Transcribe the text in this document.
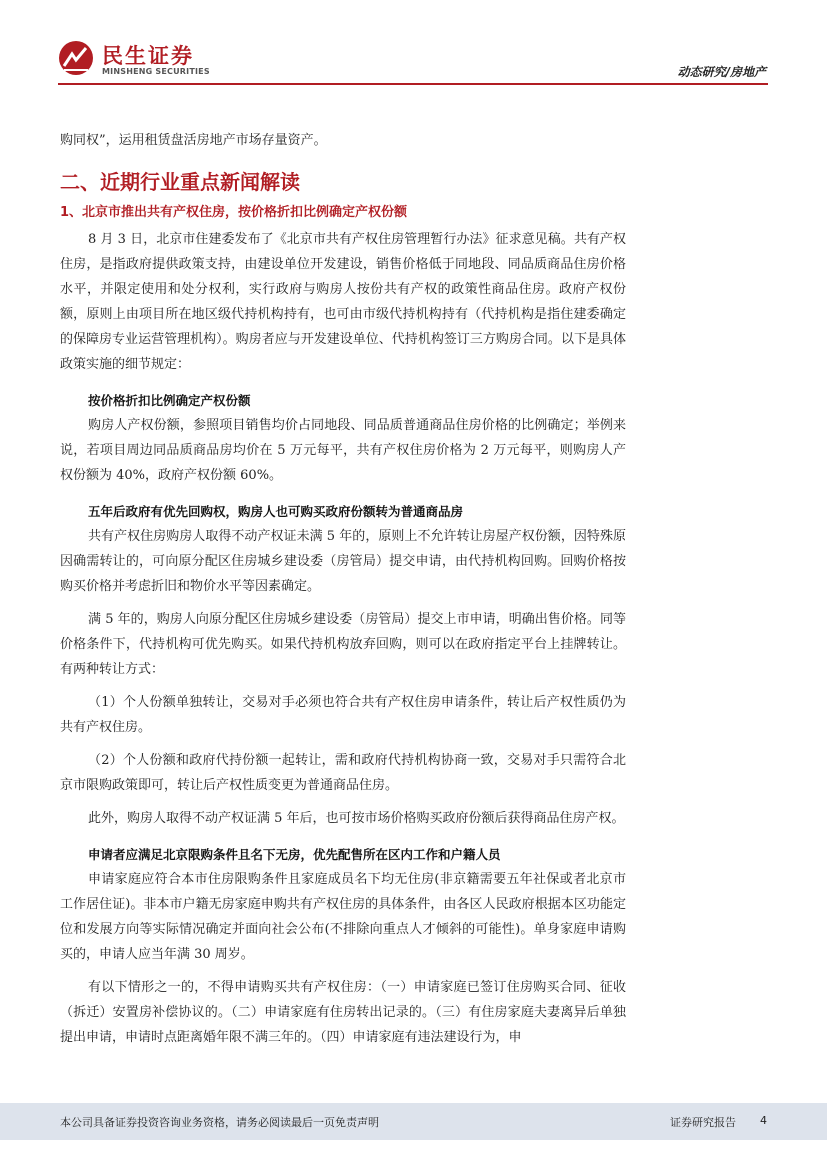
民生证券
MINSHENG SECURITIES	动态研究/房地产

购同权”，运用租赁盘活房地产市场存量资产。

二、近期行业重点新闻解读
1、北京市推出共有产权住房，按价格折扣比例确定产权份额

8 月 3 日，北京市住建委发布了《北京市共有产权住房管理暂行办法》征求意见稿。共有产权住房，是指政府提供政策支持，由建设单位开发建设，销售价格低于同地段、同品质商品住房价格水平，并限定使用和处分权利，实行政府与购房人按份共有产权的政策性商品住房。政府产权份额，原则上由项目所在地区级代持机构持有，也可由市级代持机构持有（代持机构是指住建委确定的保障房专业运营管理机构）。购房者应与开发建设单位、代持机构签订三方购房合同。以下是具体政策实施的细节规定：

按价格折扣比例确定产权份额

购房人产权份额，参照项目销售均价占同地段、同品质普通商品住房价格的比例确定；举例来说，若项目周边同品质商品房均价在 5 万元每平，共有产权住房价格为 2 万元每平，则购房人产权份额为 40%，政府产权份额 60%。

五年后政府有优先回购权，购房人也可购买政府份额转为普通商品房

共有产权住房购房人取得不动产权证未满 5 年的，原则上不允许转让房屋产权份额，因特殊原因确需转让的，可向原分配区住房城乡建设委（房管局）提交申请，由代持机构回购。回购价格按购买价格并考虑折旧和物价水平等因素确定。

满 5 年的，购房人向原分配区住房城乡建设委（房管局）提交上市申请，明确出售价格。同等价格条件下，代持机构可优先购买。如果代持机构放弃回购，则可以在政府指定平台上挂牌转让。有两种转让方式：

（1）个人份额单独转让，交易对手必须也符合共有产权住房申请条件，转让后产权性质仍为共有产权住房。

（2）个人份额和政府代持份额一起转让，需和政府代持机构协商一致，交易对手只需符合北京市限购政策即可，转让后产权性质变更为普通商品住房。

此外，购房人取得不动产权证满 5 年后，也可按市场价格购买政府份额后获得商品住房产权。

申请者应满足北京限购条件且名下无房，优先配售所在区内工作和户籍人员

申请家庭应符合本市住房限购条件且家庭成员名下均无住房(非京籍需要五年社保或者北京市工作居住证)。非本市户籍无房家庭申购共有产权住房的具体条件，由各区人民政府根据本区功能定位和发展方向等实际情况确定并面向社会公布(不排除向重点人才倾斜的可能性)。单身家庭申请购买的，申请人应当年满 30 周岁。

有以下情形之一的，不得申请购买共有产权住房：（一）申请家庭已签订住房购买合同、征收（拆迁）安置房补偿协议的。（二）申请家庭有住房转出记录的。（三）有住房家庭夫妻离异后单独提出申请，申请时点距离婚年限不满三年的。（四）申请家庭有违法建设行为，申

本公司具备证券投资咨询业务资格，请务必阅读最后一页免责声明	证券研究报告 4
